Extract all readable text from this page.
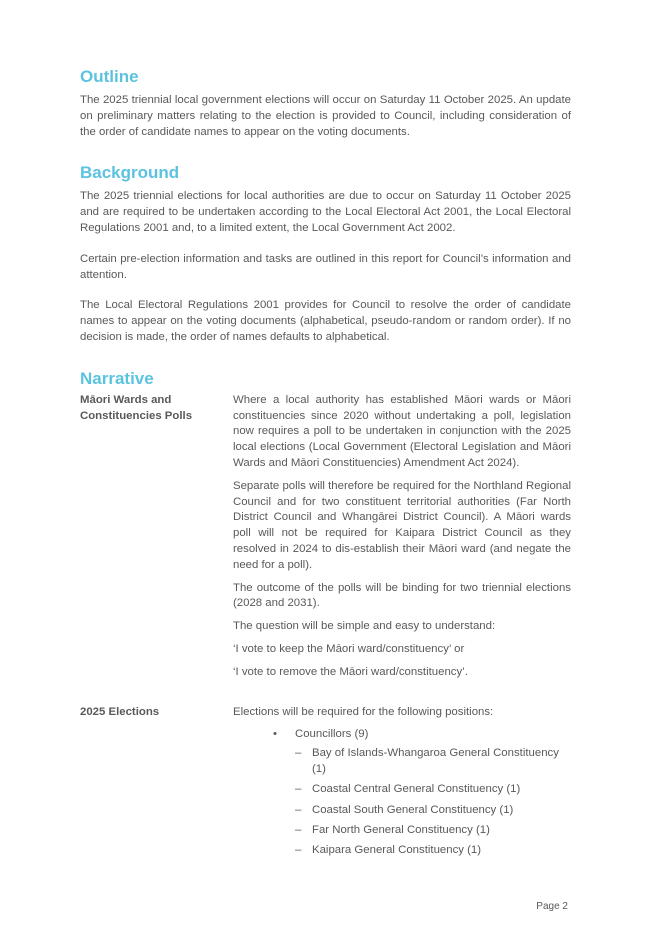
Outline

The 2025 triennial local government elections will occur on Saturday 11 October 2025. An update on preliminary matters relating to the election is provided to Council, including consideration of the order of candidate names to appear on the voting documents.

Background

The 2025 triennial elections for local authorities are due to occur on Saturday 11 October 2025 and are required to be undertaken according to the Local Electoral Act 2001, the Local Electoral Regulations 2001 and, to a limited extent, the Local Government Act 2002.

Certain pre-election information and tasks are outlined in this report for Council’s information and attention.

The Local Electoral Regulations 2001 provides for Council to resolve the order of candidate names to appear on the voting documents (alphabetical, pseudo-random or random order). If no decision is made, the order of names defaults to alphabetical.

Narrative
Māori Wards and Constituencies Polls

Where a local authority has established Māori wards or Māori constituencies since 2020 without undertaking a poll, legislation now requires a poll to be undertaken in conjunction with the 2025 local elections (Local Government (Electoral Legislation and Māori Wards and Māori Constituencies) Amendment Act 2024).

Separate polls will therefore be required for the Northland Regional Council and for two constituent territorial authorities (Far North District Council and Whangārei District Council). A Māori wards poll will not be required for Kaipara District Council as they resolved in 2024 to dis-establish their Māori ward (and negate the need for a poll).

The outcome of the polls will be binding for two triennial elections (2028 and 2031).

The question will be simple and easy to understand:

‘I vote to keep the Māori ward/constituency’ or

‘I vote to remove the Māori ward/constituency’.

2025 Elections	Elections will be required for the following positions:

•	Councillors (9)
– Bay of Islands-Whangaroa General Constituency (1)
– Coastal Central General Constituency (1)
– Coastal South General Constituency (1)
– Far North General Constituency (1)
– Kaipara General Constituency (1)
Page 2
